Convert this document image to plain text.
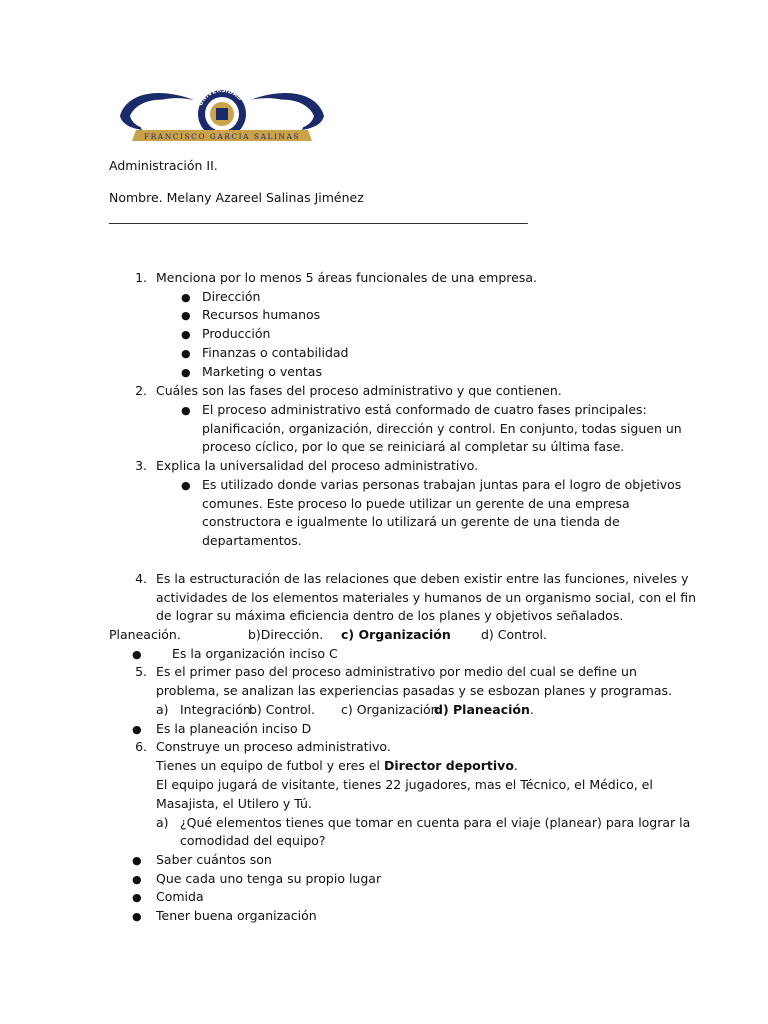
UNIVERSIDAD
FRANCISCO GARCIA SALINAS
Administración II.
Nombre. Melany Azareel Salinas Jiménez
___________________________________________________________________
1. Menciona por lo menos 5 áreas funcionales de una empresa.
● Dirección
● Recursos humanos
● Producción
● Finanzas o contabilidad
● Marketing o ventas
2. Cuáles son las fases del proceso administrativo y que contienen.
● El proceso administrativo está conformado de cuatro fases principales:
planificación, organización, dirección y control. En conjunto, todas siguen un
proceso cíclico, por lo que se reiniciará al completar su última fase.
3. Explica la universalidad del proceso administrativo.
● Es utilizado donde varias personas trabajan juntas para el logro de objetivos
comunes. Este proceso lo puede utilizar un gerente de una empresa
constructora e igualmente lo utilizará un gerente de una tienda de
departamentos.
4. Es la estructuración de las relaciones que deben existir entre las funciones, niveles y
actividades de los elementos materiales y humanos de un organismo social, con el fin
de lograr su máxima eficiencia dentro de los planes y objetivos señalados.
Planeación.	b)Dirección. c) Organización d) Control.
● Es la organización inciso C
5. Es el primer paso del proceso administrativo por medio del cual se define un
problema, se analizan las experiencias pasadas y se esbozan planes y programas.
a) Integración.
b) Control. c) Organización.
d) Planeación.
● Es la planeación inciso D
6. Construye un proceso administrativo.
Tienes un equipo de futbol y eres el Director deportivo.
El equipo jugará de visitante, tienes 22 jugadores, mas el Técnico, el Médico, el
Masajista, el Utilero y Tú.
a) ¿Qué elementos tienes que tomar en cuenta para el viaje (planear) para lograr la
comodidad del equipo?
● Saber cuántos son
● Que cada uno tenga su propio lugar
● Comida
● Tener buena organización
